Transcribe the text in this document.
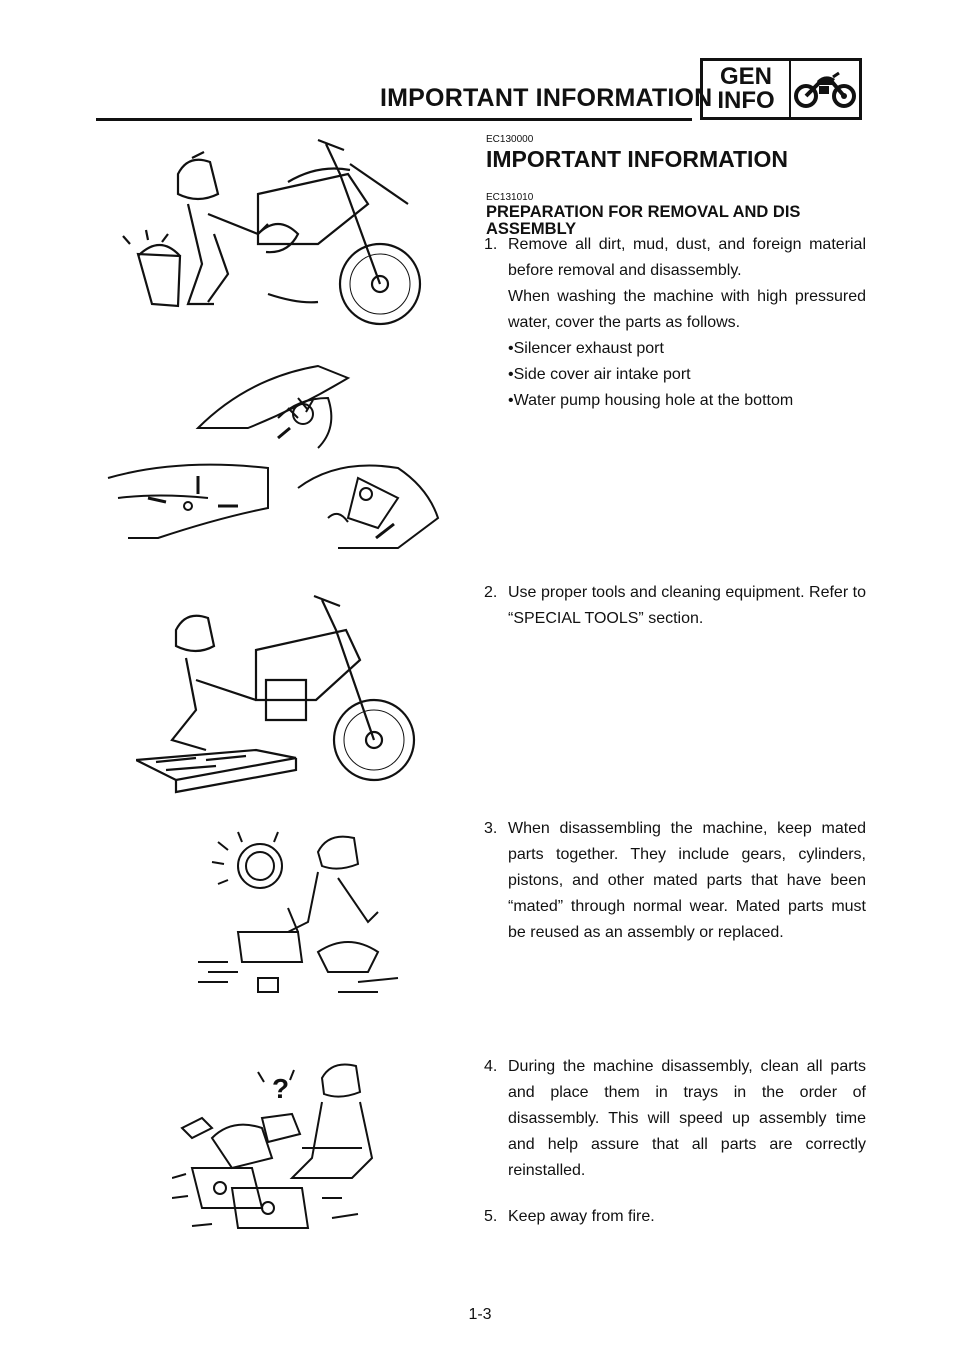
IMPORTANT INFORMATION
GEN
INFO
?
EC130000
IMPORTANT INFORMATION
EC131010
PREPARATION FOR REMOVAL AND DIS
ASSEMBLY
1. Remove all dirt, mud, dust, and foreign material before removal and disassembly.

When washing the machine with high pressured water, cover the parts as follows.

•Silencer exhaust port
•Side cover air intake port
•Water pump housing hole at the bottom
2. Use proper tools and cleaning equipment. Refer to “SPECIAL TOOLS” section.

3. When disassembling the machine, keep mated parts together. They include gears, cylinders, pistons, and other mated parts that have been “mated” through normal wear. Mated parts must be reused as an assembly or replaced.

4. During the machine disassembly, clean all parts and place them in trays in the order of disassembly. This will speed up assembly time and help assure that all parts are correctly reinstalled.

5. Keep away from fire.

1-3
